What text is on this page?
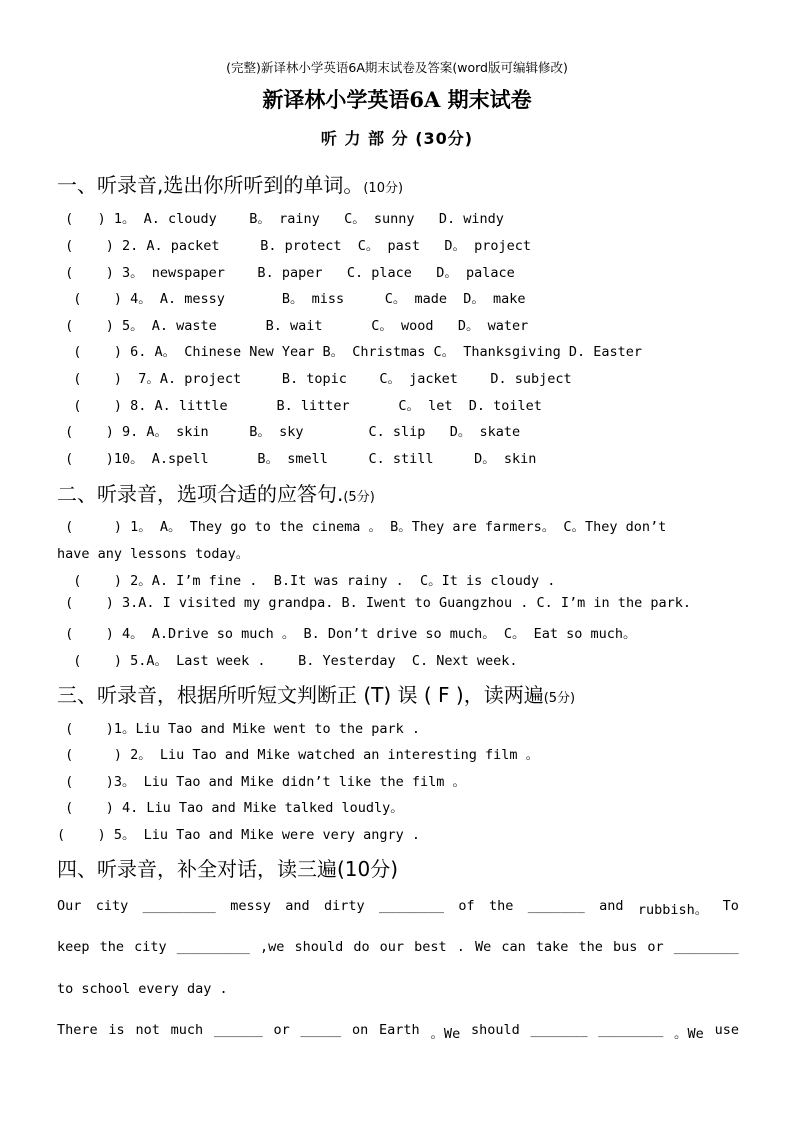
(完整)新译林小学英语6A期末试卷及答案(word版可编辑修改)
新译林小学英语6A 期末试卷
听 力 部 分 (30分)
一、听录音,选出你所听到的单词。(10分)
(   ) 1。 A. cloudy    B。 rainy   C。 sunny   D. windy
(    ) 2. A. packet     B. protect  C。 past   D。 project
(    ) 3。 newspaper    B. paper   C. place   D。 palace
(    ) 4。 A. messy       B。 miss     C。 made  D。 make
(    ) 5。 A. waste      B. wait      C。 wood   D。 water
(    ) 6. A。 Chinese New Year B。 Christmas C。 Thanksgiving D. Easter
(    )  7。A. project     B. topic    C。 jacket    D. subject
(    ) 8. A. little      B. litter      C。 let  D. toilet
(    ) 9. A。 skin     B。 sky        C. slip   D。 skate
(    )10。 A.spell      B。 smell     C. still     D。 skin
二、听录音，选项合适的应答句.(5分)
(     ) 1。 A。 They go to the cinema 。 B。They are farmers。 C。They don’t
have any lessons today。
(    ) 2。A. I’m fine .  B.It was rainy .  C。It is cloudy .
(    ) 3.A. I visited my grandpa. B. Iwent to Guangzhou . C. I’m in the park.
(    ) 4。 A.Drive so much 。 B. Don’t drive so much。 C。 Eat so much。
(    ) 5.A。 Last week .    B. Yesterday  C. Next week.
三、听录音，根据所听短文判断正 (T) 误 ( F )，读两遍(5分)
(    )1。Liu Tao and Mike went to the park .
(     ) 2。 Liu Tao and Mike watched an interesting film 。
(    )3。 Liu Tao and Mike didn’t like the film 。
(    ) 4. Liu Tao and Mike talked loudly。
(    ) 5。 Liu Tao and Mike were very angry .
四、听录音，补全对话，读三遍(10分)
Our city _________ messy and dirty ________ of the _______ and rubbish。 To
keep the city _________ ,we should do our best . We can take the bus or ________
to school every day .
There is not much ______ or _____ on Earth 。We should _______ ________ 。We use
